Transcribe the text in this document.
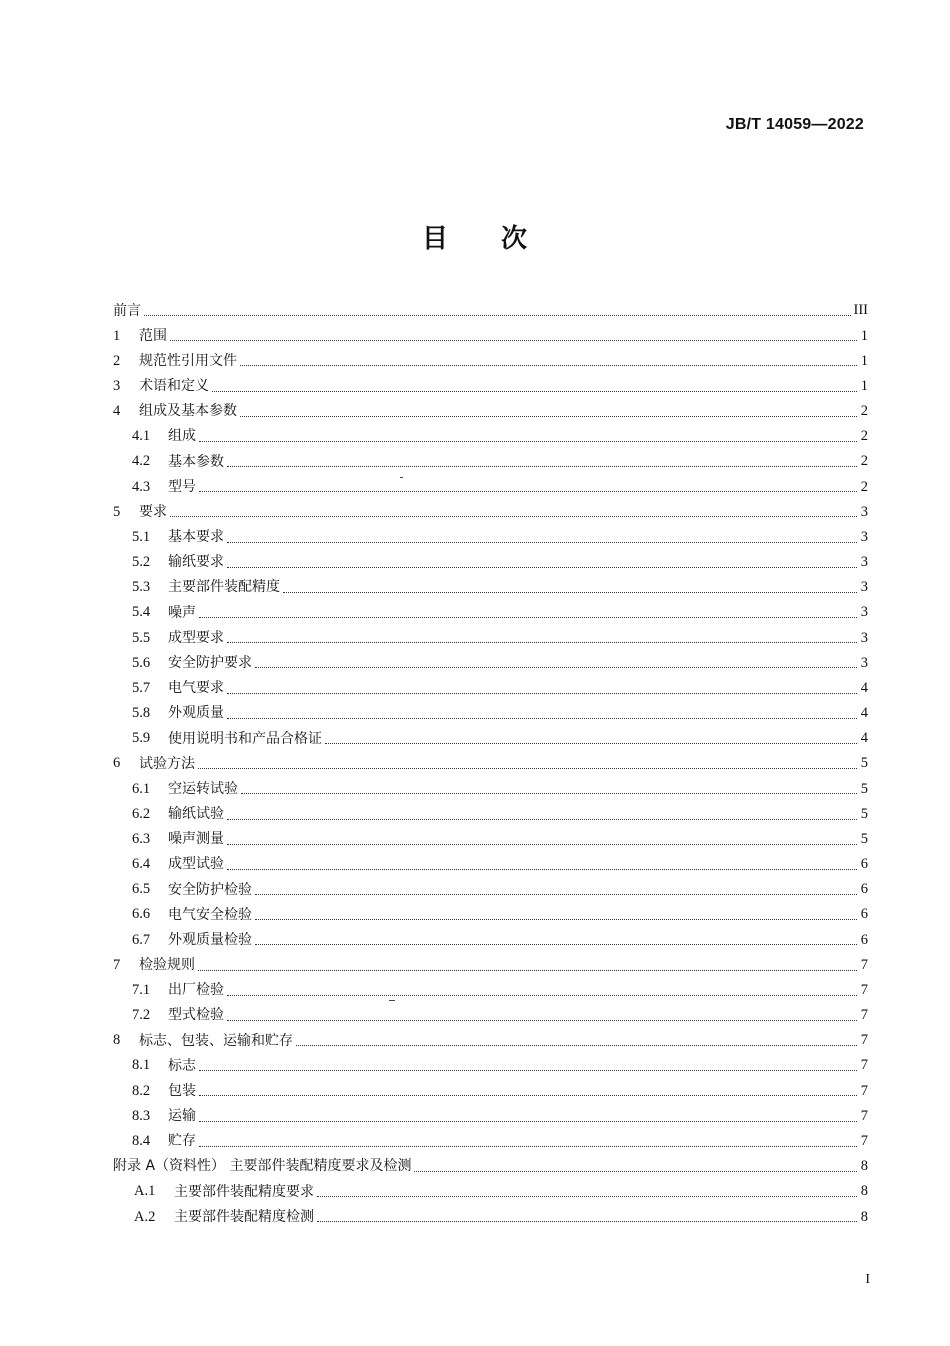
JB/T 14059—2022
目 次
前言	III
1	范围	1
2	规范性引用文件	1
3	术语和定义	1
4	组成及基本参数	2
4.1	组成	2
4.2	基本参数	2
4.3	型号	2
5	要求	3
5.1	基本要求	3
5.2	输纸要求	3
5.3	主要部件装配精度	3
5.4	噪声	3
5.5	成型要求	3
5.6	安全防护要求	3
5.7	电气要求	4
5.8	外观质量	4
5.9	使用说明书和产品合格证	4
6	试验方法	5
6.1	空运转试验	5
6.2	输纸试验	5
6.3	噪声测量	5
6.4	成型试验	6
6.5	安全防护检验	6
6.6	电气安全检验	6
6.7	外观质量检验	6
7	检验规则	7
7.1	出厂检验	7
7.2	型式检验	7
8	标志、包装、运输和贮存	7
8.1	标志	7
8.2	包装	7
8.3	运输	7
8.4	贮存	7
附录 A（资料性） 主要部件装配精度要求及检测	8
A.1	主要部件装配精度要求	8
A.2	主要部件装配精度检测	8
I
